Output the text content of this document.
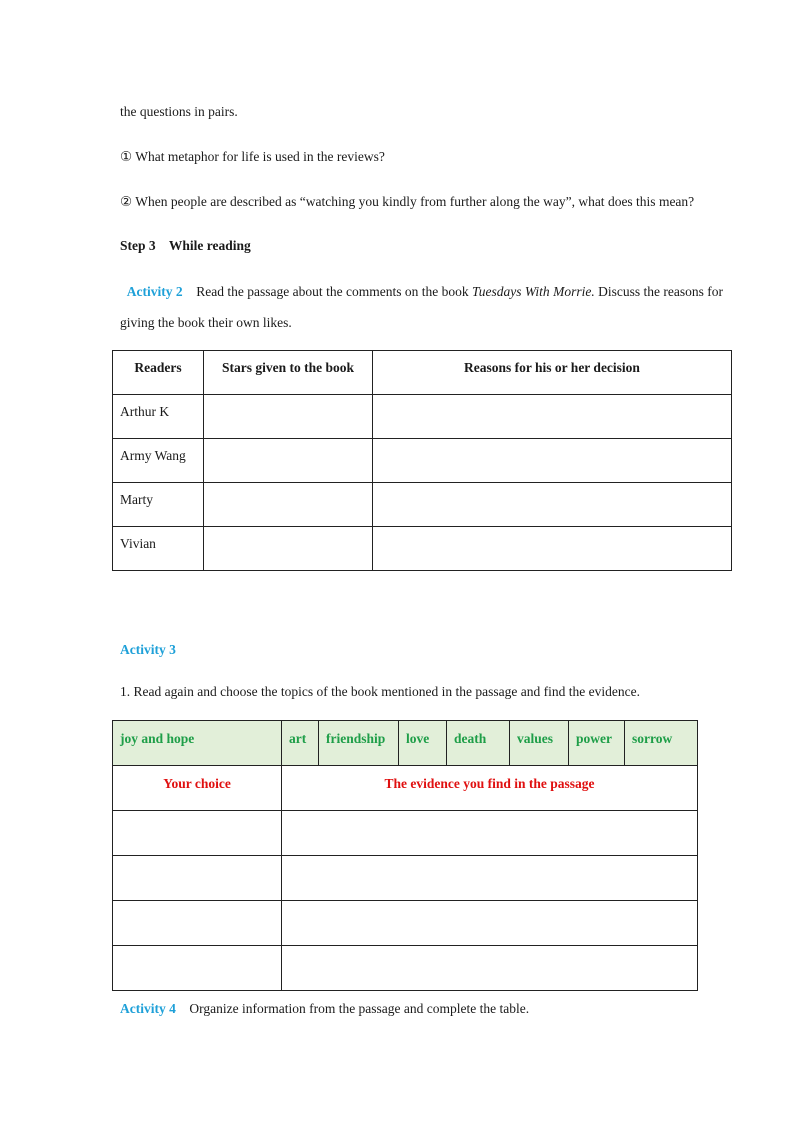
the questions in pairs.
① What metaphor for life is used in the reviews?
② When people are described as “watching you kindly from further along the way”, what does this mean?
Step 3 While reading
Activity 2 Read the passage about the comments on the book Tuesdays With Morrie. Discuss the reasons for giving the book their own likes.
Readers	Stars given to the book	Reasons for his or her decision
Arthur K		
Army Wang		
Marty		
Vivian		
Activity 3
1. Read again and choose the topics of the book mentioned in the passage and find the evidence.
joy and hope	art	friendship	love	death	values	power	sorrow
Your choice	The evidence you find in the passage						

Activity 4 Organize information from the passage and complete the table.
